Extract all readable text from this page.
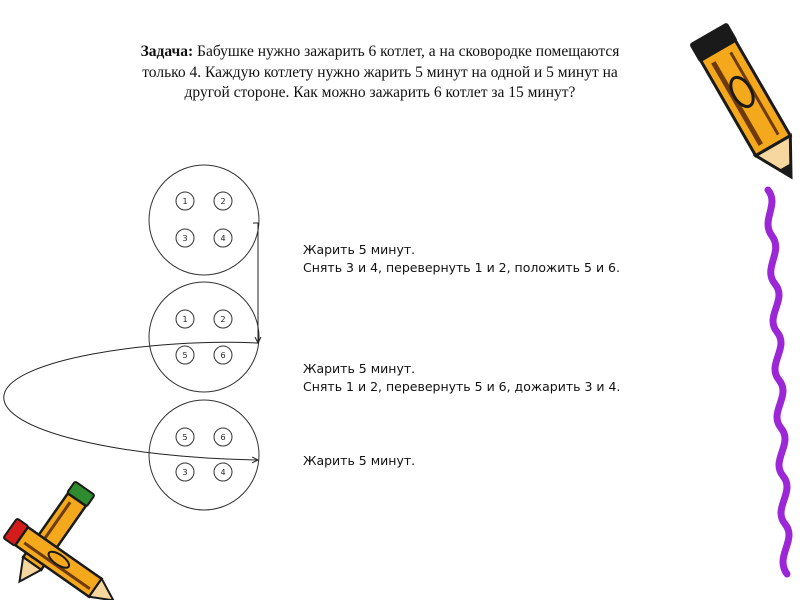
Задача: Бабушке нужно зажарить 6 котлет, а на сковородке помещаются
только 4. Каждую котлету нужно жарить 5 минут на одной и 5 минут на
другой стороне. Как можно зажарить 6 котлет за 15 минут?
1	2
3	4
1	2
5	6
5	6
3	4
Жарить 5 минут.
Снять 3 и 4, перевернуть 1 и 2, положить 5 и 6.
Жарить 5 минут.
Снять 1 и 2, перевернуть 5 и 6, дожарить 3 и 4.
Жарить 5 минут.
